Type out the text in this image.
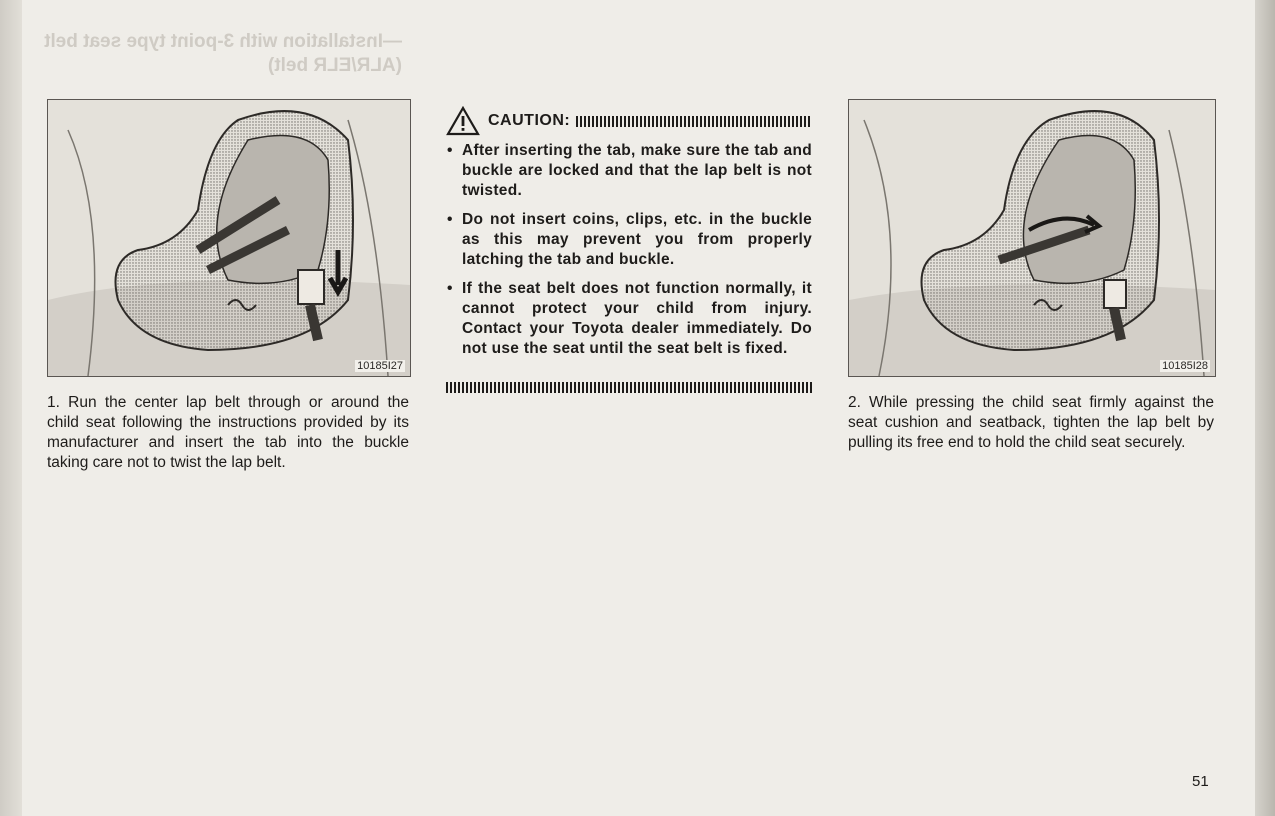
—Installation with 3-point type seat belt (ALR/ELR belt)

10185I27
1. Run the center lap belt through or around the child seat following the instructions provided by its manufacturer and insert the tab into the buckle taking care not to twist the lap belt.
CAUTION:
• After inserting the tab, make sure the tab and buckle are locked and that the lap belt is not twisted.
• Do not insert coins, clips, etc. in the buckle as this may prevent you from properly latching the tab and buckle.
• If the seat belt does not function normally, it cannot protect your child from injury. Contact your Toyota dealer immediately. Do not use the seat until the seat belt is fixed.
10185I28
2. While pressing the child seat firmly against the seat cushion and seatback, tighten the lap belt by pulling its free end to hold the child seat securely.
51
